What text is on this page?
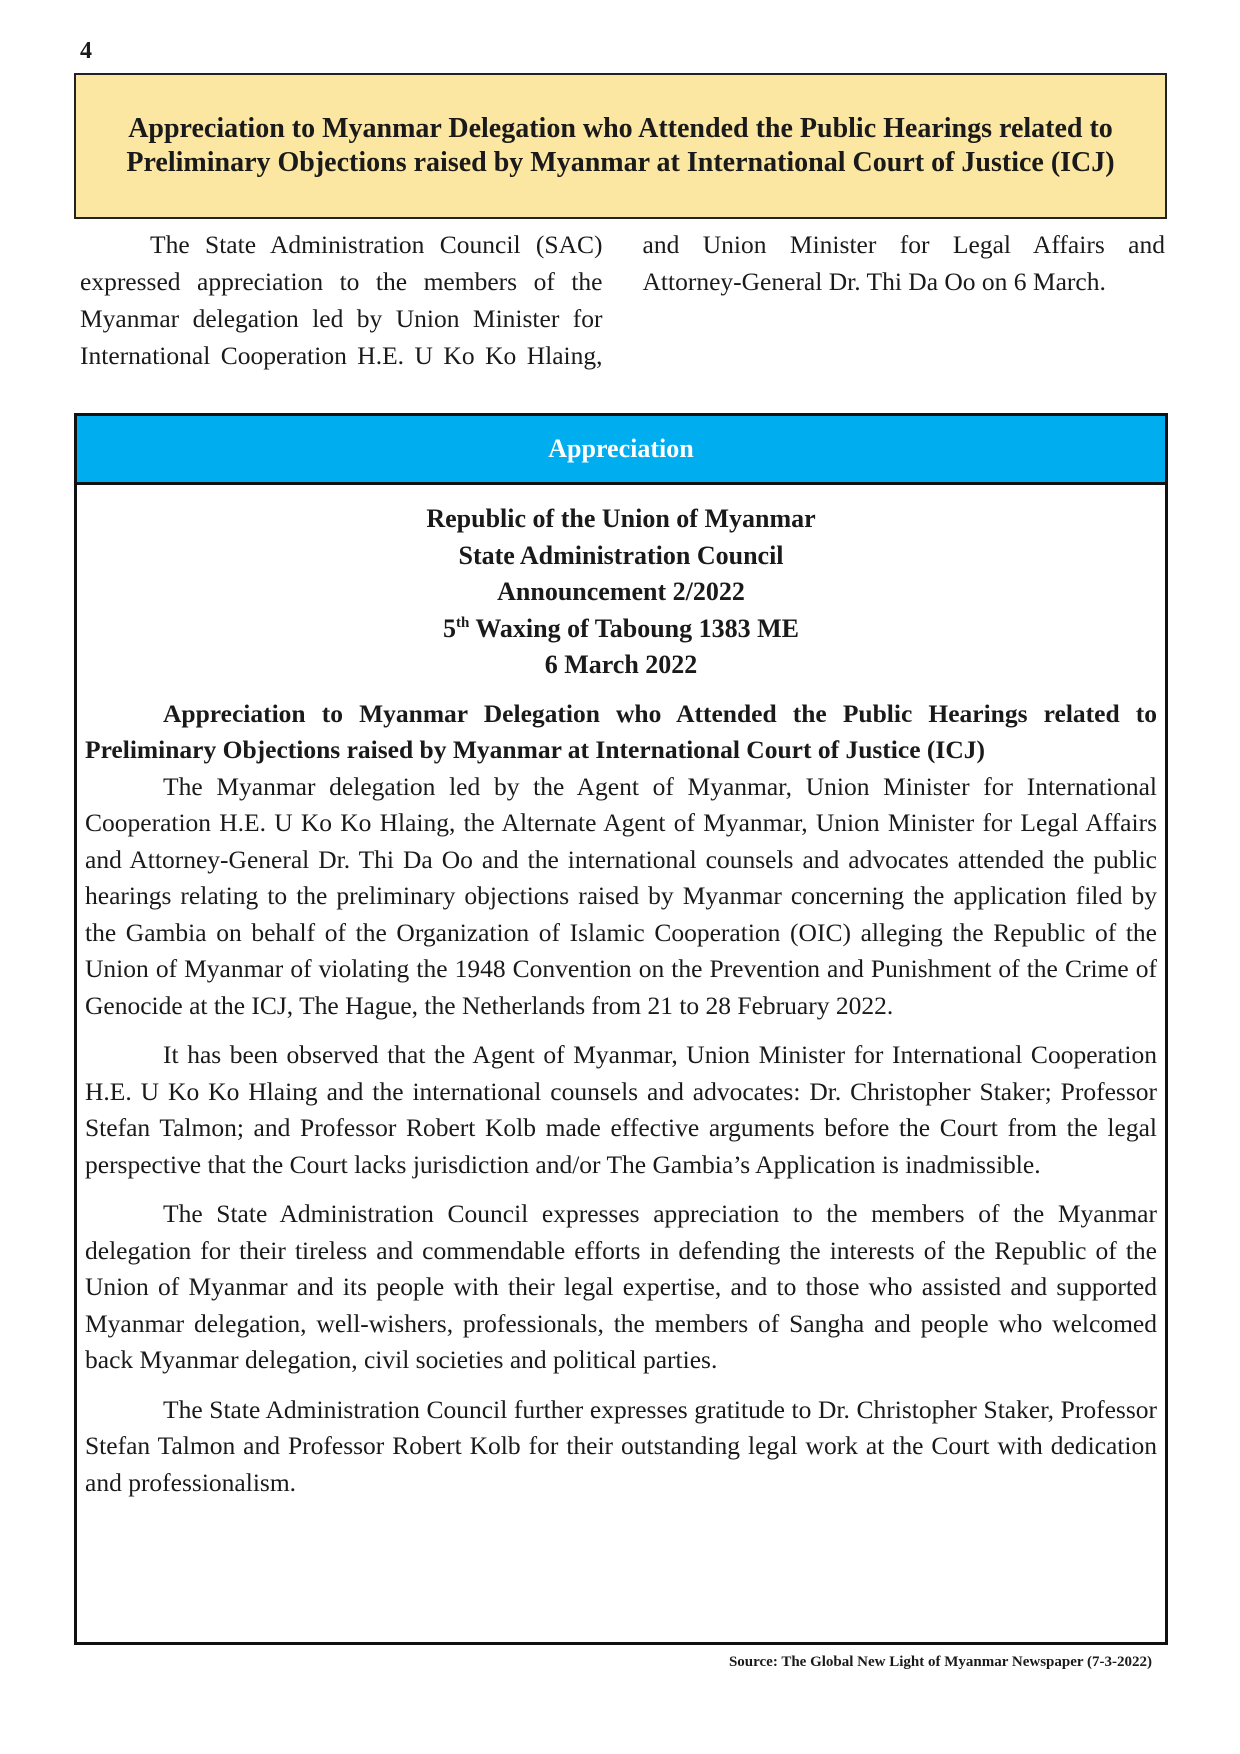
4
Appreciation to Myanmar Delegation who Attended the Public Hearings related to Preliminary Objections raised by Myanmar at International Court of Justice (ICJ)

The State Administration Council (SAC) expressed appreciation to the members of the Myanmar delegation led by Union Minister for International Cooperation H.E. U Ko Ko Hlaing, and Union Minister for Legal Affairs and Attorney-General Dr. Thi Da Oo on 6 March.

Appreciation
Republic of the Union of Myanmar
State Administration Council
Announcement 2/2022
5th Waxing of Taboung 1383 ME
6 March 2022

Appreciation to Myanmar Delegation who Attended the Public Hearings related to Preliminary Objections raised by Myanmar at International Court of Justice (ICJ)

The Myanmar delegation led by the Agent of Myanmar, Union Minister for International Cooperation H.E. U Ko Ko Hlaing, the Alternate Agent of Myanmar, Union Minister for Legal Affairs and Attorney-General Dr. Thi Da Oo and the international counsels and advocates attended the public hearings relating to the preliminary objections raised by Myanmar concerning the application filed by the Gambia on behalf of the Organization of Islamic Cooperation (OIC) alleging the Republic of the Union of Myanmar of violating the 1948 Convention on the Prevention and Punishment of the Crime of Genocide at the ICJ, The Hague, the Netherlands from 21 to 28 February 2022.

It has been observed that the Agent of Myanmar, Union Minister for International Cooperation H.E. U Ko Ko Hlaing and the international counsels and advocates: Dr. Christopher Staker; Professor Stefan Talmon; and Professor Robert Kolb made effective arguments before the Court from the legal perspective that the Court lacks jurisdiction and/or The Gambia’s Application is inadmissible.

The State Administration Council expresses appreciation to the members of the Myanmar delegation for their tireless and commendable efforts in defending the interests of the Republic of the Union of Myanmar and its people with their legal expertise, and to those who assisted and supported Myanmar delegation, well-wishers, professionals, the members of Sangha and people who welcomed back Myanmar delegation, civil societies and political parties.

The State Administration Council further expresses gratitude to Dr. Christopher Staker, Professor Stefan Talmon and Professor Robert Kolb for their outstanding legal work at the Court with dedication and professionalism.

Source: The Global New Light of Myanmar Newspaper (7-3-2022)
